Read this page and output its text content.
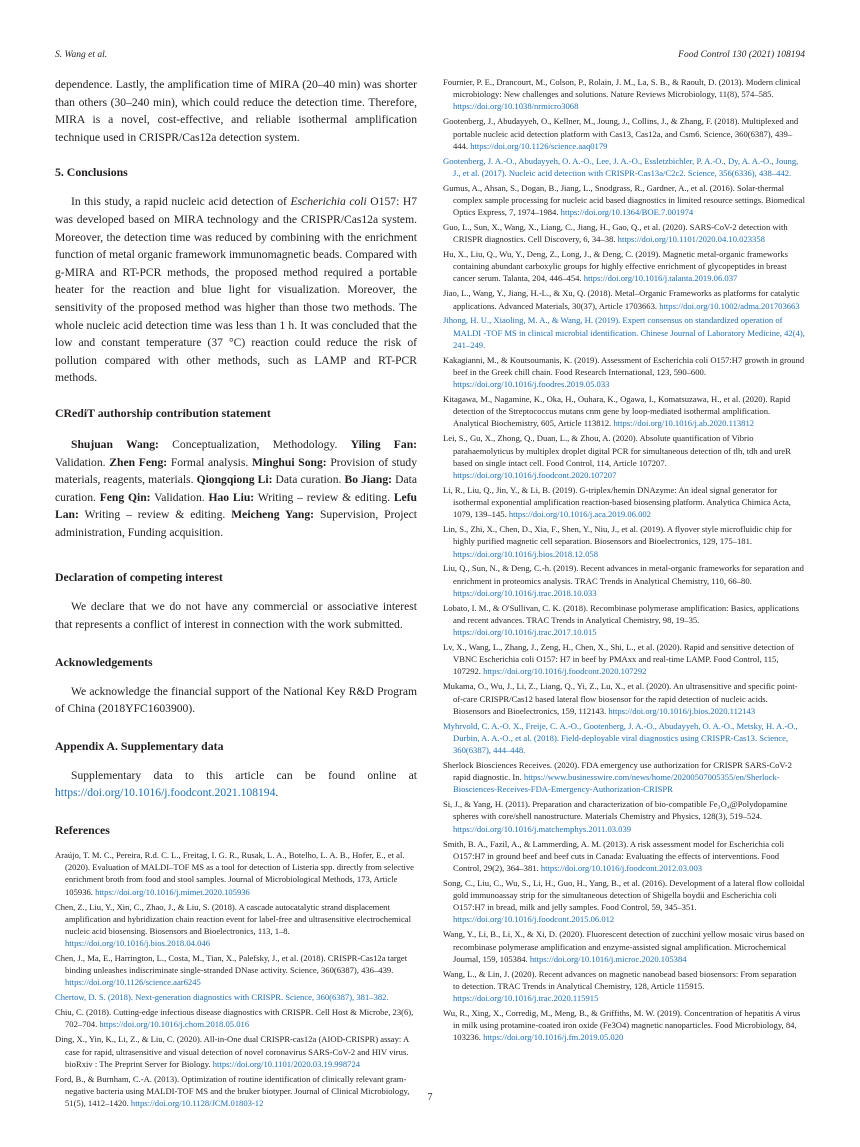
S. Wang et al.	Food Control 130 (2021) 108194

dependence. Lastly, the amplification time of MIRA (20–40 min) was shorter than others (30–240 min), which could reduce the detection time. Therefore, MIRA is a novel, cost-effective, and reliable isothermal amplification technique used in CRISPR/Cas12a detection system.

5. Conclusions

In this study, a rapid nucleic acid detection of Escherichia coli O157: H7 was developed based on MIRA technology and the CRISPR/Cas12a system. Moreover, the detection time was reduced by combining with the enrichment function of metal organic framework immunomagnetic beads. Compared with g-MIRA and RT-PCR methods, the proposed method required a portable heater for the reaction and blue light for visualization. Moreover, the sensitivity of the proposed method was higher than those two methods. The whole nucleic acid detection time was less than 1 h. It was concluded that the low and constant temperature (37 °C) reaction could reduce the risk of pollution compared with other methods, such as LAMP and RT-PCR methods.

CRediT authorship contribution statement

Shujuan Wang: Conceptualization, Methodology. Yiling Fan: Validation. Zhen Feng: Formal analysis. Minghui Song: Provision of study materials, reagents, materials. Qiongqiong Li: Data curation. Bo Jiang: Data curation. Feng Qin: Validation. Hao Liu: Writing – review & editing. Lefu Lan: Writing – review & editing. Meicheng Yang: Supervision, Project administration, Funding acquisition.

Declaration of competing interest

We declare that we do not have any commercial or associative interest that represents a conflict of interest in connection with the work submitted.

Acknowledgements

We acknowledge the financial support of the National Key R&D Program of China (2018YFC1603900).

Appendix A. Supplementary data

Supplementary data to this article can be found online at https://doi.org/10.1016/j.foodcont.2021.108194.

References

Araújo, T. M. C., Pereira, R.d. C. L., Freitag, I. G. R., Rusak, L. A., Botelho, L. A. B., Hofer, E., et al. (2020). Evaluation of MALDI–TOF MS as a tool for detection of Listeria spp. directly from selective enrichment broth from food and stool samples. Journal of Microbiological Methods, 173, Article 105936. https://doi.org/10.1016/j.mimet.2020.105936

Chen, Z., Liu, Y., Xin, C., Zhao, J., & Liu, S. (2018). A cascade autocatalytic strand displacement amplification and hybridization chain reaction event for label-free and ultrasensitive electrochemical nucleic acid biosensing. Biosensors and Bioelectronics, 113, 1–8. https://doi.org/10.1016/j.bios.2018.04.046

Chen, J., Ma, E., Harrington, L., Costa, M., Tian, X., Palefsky, J., et al. (2018). CRISPR-Cas12a target binding unleashes indiscriminate single-stranded DNase activity. Science, 360(6387), 436–439. https://doi.org/10.1126/science.aar6245

Chertow, D. S. (2018). Next-generation diagnostics with CRISPR. Science, 360(6387), 381–382.

Chiu, C. (2018). Cutting-edge infectious disease diagnostics with CRISPR. Cell Host & Microbe, 23(6), 702–704. https://doi.org/10.1016/j.chom.2018.05.016

Ding, X., Yin, K., Li, Z., & Liu, C. (2020). All-in-One dual CRISPR-cas12a (AIOD-CRISPR) assay: A case for rapid, ultrasensitive and visual detection of novel coronavirus SARS-CoV-2 and HIV virus. bioRxiv : The Preprint Server for Biology. https://doi.org/10.1101/2020.03.19.998724

Ford, B., & Burnham, C.-A. (2013). Optimization of routine identification of clinically relevant gram-negative bacteria using MALDI-TOF MS and the bruker biotyper. Journal of Clinical Microbiology, 51(5), 1412–1420. https://doi.org/10.1128/JCM.01803-12

Fournier, P. E., Drancourt, M., Colson, P., Rolain, J. M., La, S. B., & Raoult, D. (2013). Modern clinical microbiology: New challenges and solutions. Nature Reviews Microbiology, 11(8), 574–585. https://doi.org/10.1038/nrmicro3068

Gootenberg, J., Abudayyeh, O., Kellner, M., Joung, J., Collins, J., & Zhang, F. (2018). Multiplexed and portable nucleic acid detection platform with Cas13, Cas12a, and Csm6. Science, 360(6387), 439–444. https://doi.org/10.1126/science.aaq0179

Gootenberg, J. A.-O., Abudayyeh, O. A.-O., Lee, J. A.-O., Essletzbichler, P. A.-O., Dy, A. A.-O., Joung, J., et al. (2017). Nucleic acid detection with CRISPR-Cas13a/C2c2. Science, 356(6336), 438–442.

Gumus, A., Ahsan, S., Dogan, B., Jiang, L., Snodgrass, R., Gardner, A., et al. (2016). Solar-thermal complex sample processing for nucleic acid based diagnostics in limited resource settings. Biomedical Optics Express, 7, 1974–1984. https://doi.org/10.1364/BOE.7.001974

Guo, L., Sun, X., Wang, X., Liang, C., Jiang, H., Gao, Q., et al. (2020). SARS-CoV-2 detection with CRISPR diagnostics. Cell Discovery, 6, 34–38. https://doi.org/10.1101/2020.04.10.023358

Hu, X., Liu, Q., Wu, Y., Deng, Z., Long, J., & Deng, C. (2019). Magnetic metal-organic frameworks containing abundant carboxylic groups for highly effective enrichment of glycopeptides in breast cancer serum. Talanta, 204, 446–454. https://doi.org/10.1016/j.talanta.2019.06.037

Jiao, L., Wang, Y., Jiang, H.-L., & Xu, Q. (2018). Metal–Organic Frameworks as platforms for catalytic applications. Advanced Materials, 30(37), Article 1703663. https://doi.org/10.1002/adma.201703663

Jihong, H. U., Xiaoling, M. A., & Wang, H. (2019). Expert consensus on standardized operation of MALDI -TOF MS in clinical microbial identification. Chinese Journal of Laboratory Medicine, 42(4), 241–249.

Kakagianni, M., & Koutsoumanis, K. (2019). Assessment of Escherichia coli O157:H7 growth in ground beef in the Greek chill chain. Food Research International, 123, 590–600. https://doi.org/10.1016/j.foodres.2019.05.033

Kitagawa, M., Nagamine, K., Oka, H., Ouhara, K., Ogawa, I., Komatsuzawa, H., et al. (2020). Rapid detection of the Streptococcus mutans cnm gene by loop-mediated isothermal amplification. Analytical Biochemistry, 605, Article 113812. https://doi.org/10.1016/j.ab.2020.113812

Lei, S., Gu, X., Zhong, Q., Duan, L., & Zhou, A. (2020). Absolute quantification of Vibrio parahaemolyticus by multiplex droplet digital PCR for simultaneous detection of tlh, tdh and ureR based on single intact cell. Food Control, 114, Article 107207. https://doi.org/10.1016/j.foodcont.2020.107207

Li, R., Liu, Q., Jin, Y., & Li, B. (2019). G-triplex/hemin DNAzyme: An ideal signal generator for isothermal exponential amplification reaction-based biosensing platform. Analytica Chimica Acta, 1079, 139–145. https://doi.org/10.1016/j.aca.2019.06.002

Lin, S., Zhi, X., Chen, D., Xia, F., Shen, Y., Niu, J., et al. (2019). A flyover style microfluidic chip for highly purified magnetic cell separation. Biosensors and Bioelectronics, 129, 175–181. https://doi.org/10.1016/j.bios.2018.12.058

Liu, Q., Sun, N., & Deng, C.-h. (2019). Recent advances in metal-organic frameworks for separation and enrichment in proteomics analysis. TRAC Trends in Analytical Chemistry, 110, 66–80. https://doi.org/10.1016/j.trac.2018.10.033

Lobato, I. M., & O'Sullivan, C. K. (2018). Recombinase polymerase amplification: Basics, applications and recent advances. TRAC Trends in Analytical Chemistry, 98, 19–35. https://doi.org/10.1016/j.trac.2017.10.015

Lv, X., Wang, L., Zhang, J., Zeng, H., Chen, X., Shi, L., et al. (2020). Rapid and sensitive detection of VBNC Escherichia coli O157: H7 in beef by PMAxx and real-time LAMP. Food Control, 115, 107292. https://doi.org/10.1016/j.foodcont.2020.107292

Mukama, O., Wu, J., Li, Z., Liang, Q., Yi, Z., Lu, X., et al. (2020). An ultrasensitive and specific point-of-care CRISPR/Cas12 based lateral flow biosensor for the rapid detection of nucleic acids. Biosensors and Bioelectronics, 159, 112143. https://doi.org/10.1016/j.bios.2020.112143

Myhrvold, C. A.-O. X., Freije, C. A.-O., Gootenberg, J. A.-O., Abudayyeh, O. A.-O., Metsky, H. A.-O., Durbin, A. A.-O., et al. (2018). Field-deployable viral diagnostics using CRISPR-Cas13. Science, 360(6387), 444–448.

Sherlock Biosciences Receives. (2020). FDA emergency use authorization for CRISPR SARS-CoV-2 rapid diagnostic. In. https://www.businesswire.com/news/home/20200507005355/en/Sherlock-Biosciences-Receives-FDA-Emergency-Authorization-CRISPR

Si, J., & Yang, H. (2011). Preparation and characterization of bio-compatible Fe₃O₄@Polydopamine spheres with core/shell nanostructure. Materials Chemistry and Physics, 128(3), 519–524. https://doi.org/10.1016/j.matchemphys.2011.03.039

Smith, B. A., Fazil, A., & Lammerding, A. M. (2013). A risk assessment model for Escherichia coli O157:H7 in ground beef and beef cuts in Canada: Evaluating the effects of interventions. Food Control, 29(2), 364–381. https://doi.org/10.1016/j.foodcont.2012.03.003

Song, C., Liu, C., Wu, S., Li, H., Guo, H., Yang, B., et al. (2016). Development of a lateral flow colloidal gold immunoassay strip for the simultaneous detection of Shigella boydii and Escherichia coli O157:H7 in bread, milk and jelly samples. Food Control, 59, 345–351. https://doi.org/10.1016/j.foodcont.2015.06.012

Wang, Y., Li, B., Li, X., & Xi, D. (2020). Fluorescent detection of zucchini yellow mosaic virus based on recombinase polymerase amplification and enzyme-assisted signal amplification. Microchemical Journal, 159, 105384. https://doi.org/10.1016/j.microc.2020.105384

Wang, L., & Lin, J. (2020). Recent advances on magnetic nanobead based biosensors: From separation to detection. TRAC Trends in Analytical Chemistry, 128, Article 115915. https://doi.org/10.1016/j.trac.2020.115915

Wu, R., Xing, X., Corredig, M., Meng, B., & Griffiths, M. W. (2019). Concentration of hepatitis A virus in milk using protamine-coated iron oxide (Fe3O4) magnetic nanoparticles. Food Microbiology, 84, 103236. https://doi.org/10.1016/j.fm.2019.05.020

7
